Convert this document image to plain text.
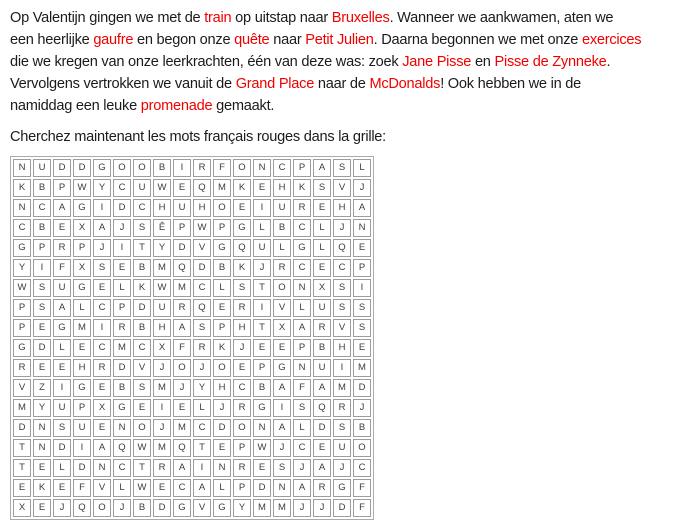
Op Valentijn gingen we met de train op uitstap naar Bruxelles. Wanneer we aankwamen, aten we
een heerlijke gaufre en begon onze quête naar Petit Julien. Daarna begonnen we met onze exercices
die we kregen van onze leerkrachten, één van deze was: zoek Jane Pisse en Pisse de Zynneke.
Vervolgens vertrokken we vanuit de Grand Place naar de McDonalds! Ook hebben we in de
namiddag een leuke promenade gemaakt.
Cherchez maintenant les mots français rouges dans la grille:
N	U	D	D	G	O	O	B	I	R	F	O	N	C	P	A	S	L
K	B	P	W	Y	C	U	W	E	Q	M	K	E	H	K	S	V	J
N	C	A	G	I	D	C	H	U	H	O	E	I	U	R	E	H	A
C	B	E	X	A	J	S	Ê	P	W	P	G	L	B	C	L	J	N
G	P	R	P	J	I	T	Y	D	V	G	Q	U	L	G	L	Q	E
Y	I	F	X	S	E	B	M	Q	D	B	K	J	R	C	E	C	P
W	S	U	G	E	L	K	W	M	C	L	S	T	O	N	X	S	I
P	S	A	L	C	P	D	U	R	Q	E	R	I	V	L	U	S	S
P	E	G	M	I	R	B	H	A	S	P	H	T	X	A	R	V	S
G	D	L	E	C	M	C	X	F	R	K	J	E	E	P	B	H	E
R	E	E	H	R	D	V	J	O	J	O	E	P	G	N	U	I	M
V	Z	I	G	E	B	S	M	J	Y	H	C	B	A	F	A	M	D
M	Y	U	P	X	G	E	I	E	L	J	R	G	I	S	Q	R	J
D	N	S	U	E	N	O	J	M	C	D	O	N	A	L	D	S	B
T	N	D	I	A	Q	W	M	Q	T	E	P	W	J	C	E	U	O
T	E	L	D	N	C	T	R	A	I	N	R	E	S	J	A	J	C
E	K	E	F	V	L	W	E	C	A	L	P	D	N	A	R	G	F
X	E	J	Q	O	J	B	D	G	V	G	Y	M	M	J	J	D	F
